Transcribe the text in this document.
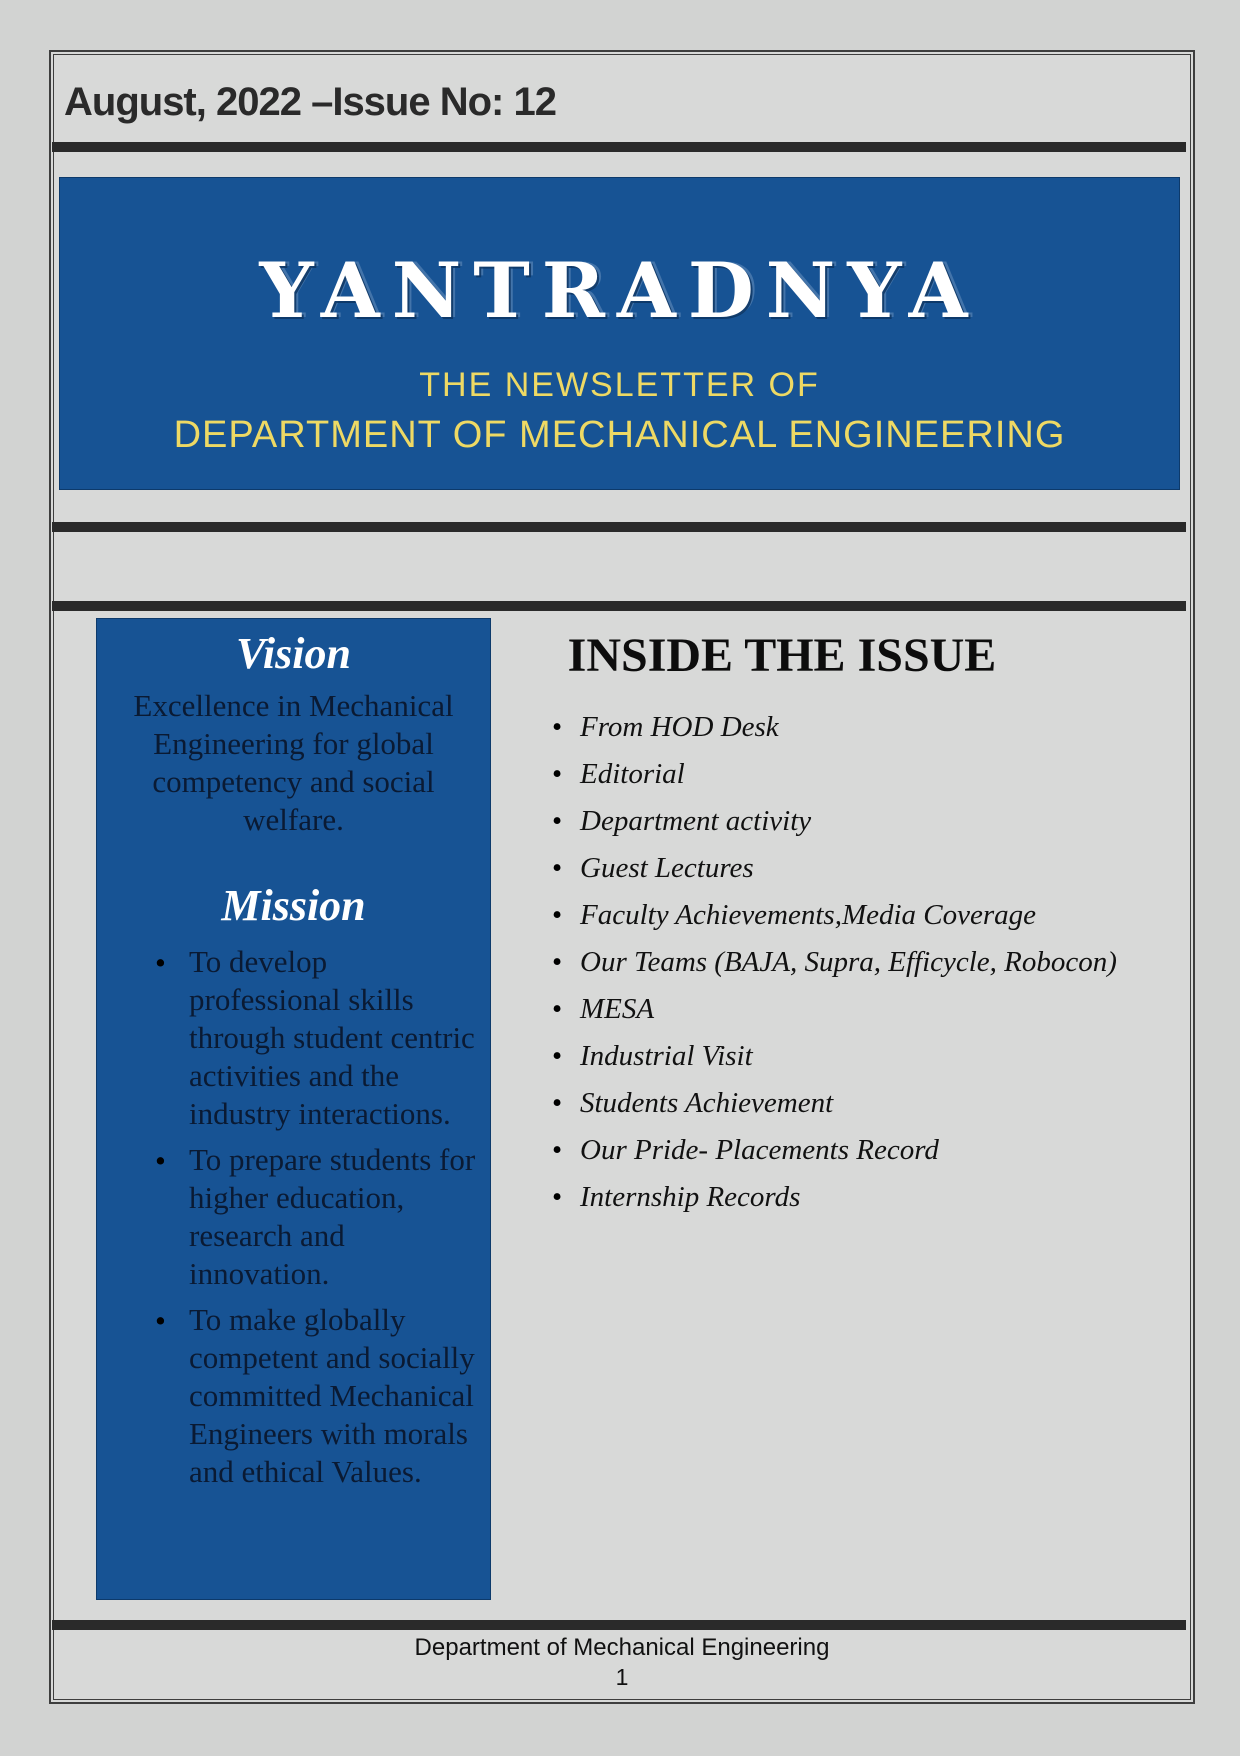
August, 2022 –Issue No: 12
YANTRADNYA
THE NEWSLETTER OF
DEPARTMENT OF MECHANICAL ENGINEERING
Vision
Excellence in Mechanical Engineering for global competency and social welfare.
Mission
• To develop professional skills through student centric activities and the industry interactions.
• To prepare students for higher education, research and innovation.
• To make globally competent and socially committed Mechanical Engineers with morals and ethical Values.
INSIDE THE ISSUE
• From HOD Desk
• Editorial
• Department activity
• Guest Lectures
• Faculty Achievements,Media Coverage
• Our Teams (BAJA, Supra, Efficycle, Robocon)
• MESA
• Industrial Visit
• Students Achievement
• Our Pride- Placements Record
• Internship Records
Department of Mechanical Engineering
1
